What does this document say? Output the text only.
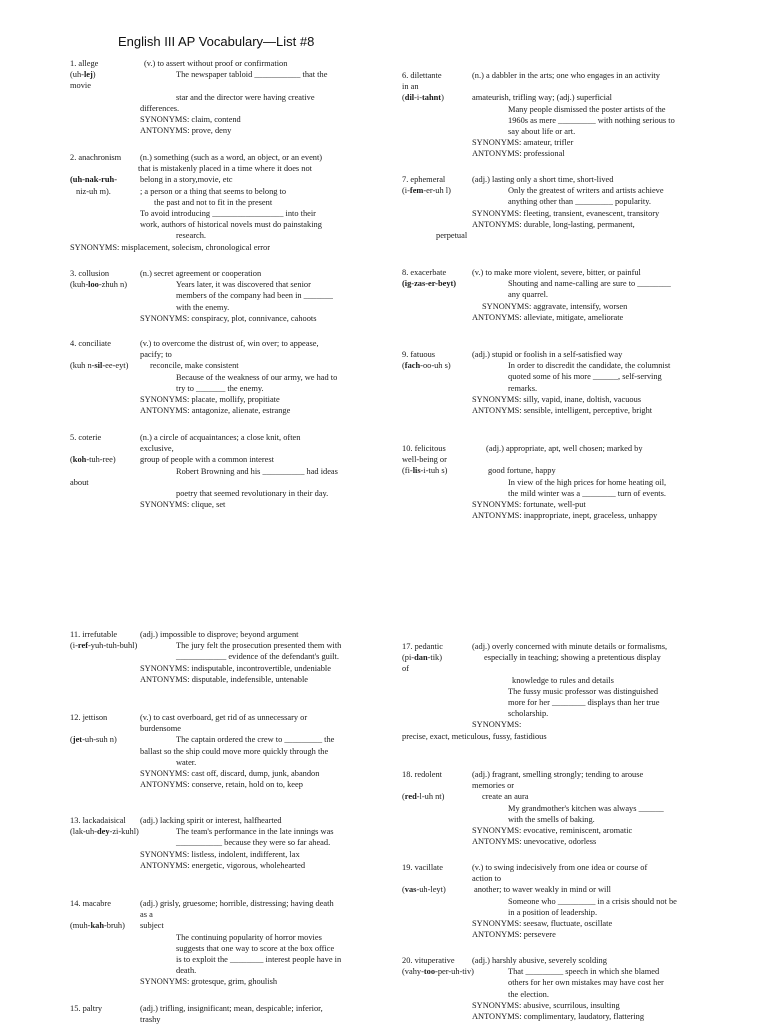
English III AP Vocabulary—List #8
1. allege	(v.) to assert without proof or confirmation
(uh-lej)	The newspaper tabloid ___________ that the
movie
star and the director were having creative
differences.
SYNONYMS: claim, contend
ANTONYMS: prove, deny
2. anachronism (n.) something (such as a word, an object, or an event)
that is mistakenly placed in a time where it does not
(uh-nak-ruh-	belong in a story,movie, etc
niz-uh m).	; a person or a thing that seems to belong to
the past and not to fit in the present
To avoid introducing _________________ into their
work, authors of historical novels must do painstaking
research.
SYNONYMS: misplacement, solecism, chronological error
3. collusion	(n.) secret agreement or cooperation
(kuh-loo-zhuh n)	Years later, it was discovered that senior
members of the company had been in _______
with the enemy.
SYNONYMS: conspiracy, plot, connivance, cahoots
4. conciliate	(v.) to overcome the distrust of, win over; to appease,
pacify; to
(kuh n-sil-ee-eyt)	reconcile, make consistent
Because of the weakness of our army, we had to
try to _______ the enemy.
SYNONYMS: placate, mollify, propitiate
ANTONYMS: antagonize, alienate, estrange
5. coterie	(n.) a circle of acquaintances; a close knit, often
exclusive,
(koh-tuh-ree)	group of people with a common interest
Robert Browning and his __________ had ideas
about
poetry that seemed revolutionary in their day.
SYNONYMS: clique, set
6. dilettante	(n.) a dabbler in the arts; one who engages in an activity
in an
(dil-i-tahnt)	amateurish, trifling way; (adj.) superficial
Many people dismissed the poster artists of the
1960s as mere _________ with nothing serious to
say about life or art.
SYNONYMS: amateur, trifler
ANTONYMS: professional
7. ephemeral	(adj.) lasting only a short time, short-lived
(i-fem-er-uh l)	Only the greatest of writers and artists achieve
anything other than _________ popularity.
SYNONYMS: fleeting, transient, evanescent, transitory
ANTONYMS: durable, long-lasting, permanent,
perpetual
8. exacerbate	(v.) to make more violent, severe, bitter, or painful
(ig-zas-er-beyt)	Shouting and name-calling are sure to ________
any quarrel.
SYNONYMS: aggravate, intensify, worsen
ANTONYMS: alleviate, mitigate, ameliorate
9. fatuous	(adj.) stupid or foolish in a self-satisfied way
(fach-oo-uh s)	In order to discredit the candidate, the columnist
quoted some of his more ______, self-serving
remarks.
SYNONYMS: silly, vapid, inane, doltish, vacuous
ANTONYMS: sensible, intelligent, perceptive, bright
10. felicitous	(adj.) appropriate, apt, well chosen; marked by
well-being or
(fi-lis-i-tuh s)	good fortune, happy
In view of the high prices for home heating oil,
the mild winter was a ________ turn of events.
SYNONYMS: fortunate, well-put
ANTONYMS: inappropriate, inept, graceless, unhappy
11. irrefutable	(adj.) impossible to disprove; beyond argument
(i-ref-yuh-tuh-buhl)	The jury felt the prosecution presented them with
____________ evidence of the defendant's guilt.
SYNONYMS: indisputable, incontrovertible, undeniable
ANTONYMS: disputable, indefensible, untenable
12. jettison	(v.) to cast overboard, get rid of as unnecessary or
burdensome
(jet-uh-suh n)	The captain ordered the crew to _________ the
ballast so the ship could move more quickly through the
water.
SYNONYMS: cast off, discard, dump, junk, abandon
ANTONYMS: conserve, retain, hold on to, keep
13. lackadaisical (adj.) lacking spirit or interest, halfhearted
(lak-uh-dey-zi-kuhl)	The team's performance in the late innings was
___________ because they were so far ahead.
SYNONYMS: listless, indolent, indifferent, lax
ANTONYMS: energetic, vigorous, wholehearted
14. macabre	(adj.) grisly, gruesome; horrible, distressing; having death
as a
(muh-kah-bruh) subject
The continuing popularity of horror movies
suggests that one way to score at the box office
is to exploit the ________ interest people have in
death.
SYNONYMS: grotesque, grim, ghoulish
15. paltry	(adj.) trifling, insignificant; mean, despicable; inferior,
trashy
17. pedantic	(adj.) overly concerned with minute details or formalisms,
(pi-dan-tik)	especially in teaching; showing a pretentious display
of
knowledge to rules and details
The fussy music professor was distinguished
more for her ________ displays than her true
scholarship.
SYNONYMS:
precise, exact, meticulous, fussy, fastidious
18. redolent	(adj.) fragrant, smelling strongly; tending to arouse
memories or
(red-l-uh nt)	create an aura
My grandmother's kitchen was always ______
with the smells of baking.
SYNONYMS: evocative, reminiscent, aromatic
ANTONYMS: unevocative, odorless
19. vacillate	(v.) to swing indecisively from one idea or course of
action to
(vas-uh-leyt)	another; to waver weakly in mind or will
Someone who _________ in a crisis should not be
in a position of leadership.
SYNONYMS: seesaw, fluctuate, oscillate
ANTONYMS: persevere
20. vituperative (adj.) harshly abusive, severely scolding
(vahy-too-per-uh-tiv)	That _________ speech in which she blamed
others for her own mistakes may have cost her
the election.
SYNONYMS: abusive, scurrilous, insulting
ANTONYMS: complimentary, laudatory, flattering
